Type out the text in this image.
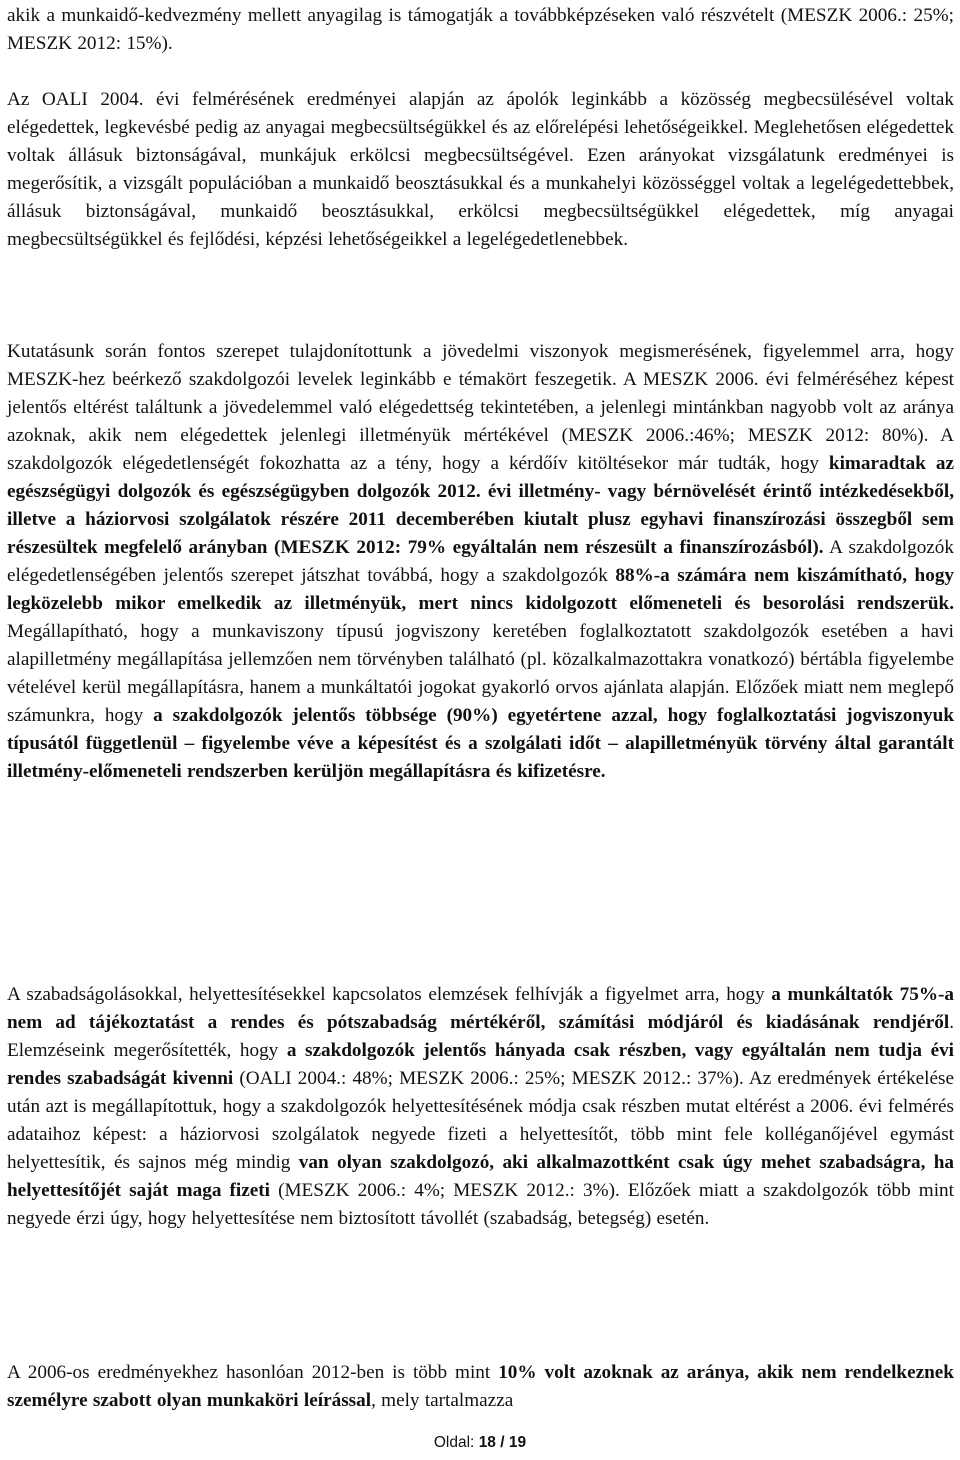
akik a munkaidő-kedvezmény mellett anyagilag is támogatják a továbbképzéseken való részvételt (MESZK 2006.: 25%; MESZK 2012: 15%).

Az OALI 2004. évi felmérésének eredményei alapján az ápolók leginkább a közösség megbecsülésével voltak elégedettek, legkevésbé pedig az anyagai megbecsültségükkel és az előrelépési lehetőségeikkel. Meglehetősen elégedettek voltak állásuk biztonságával, munkájuk erkölcsi megbecsültségével. Ezen arányokat vizsgálatunk eredményei is megerősítik, a vizsgált populációban a munkaidő beosztásukkal és a munkahelyi közösséggel voltak a legelégedettebbek, állásuk biztonságával, munkaidő beosztásukkal, erkölcsi megbecsültségükkel elégedettek, míg anyagai megbecsültségükkel és fejlődési, képzési lehetőségeikkel a legelégedetlenebbek.

Kutatásunk során fontos szerepet tulajdonítottunk a jövedelmi viszonyok megismerésének, figyelemmel arra, hogy MESZK-hez beérkező szakdolgozói levelek leginkább e témakört feszegetik. A MESZK 2006. évi felméréséhez képest jelentős eltérést találtunk a jövedelemmel való elégedettség tekintetében, a jelenlegi mintánkban nagyobb volt az aránya azoknak, akik nem elégedettek jelenlegi illetményük mértékével (MESZK 2006.:46%; MESZK 2012: 80%). A szakdolgozók elégedetlenségét fokozhatta az a tény, hogy a kérdőív kitöltésekor már tudták, hogy kimaradtak az egészségügyi dolgozók és egészségügyben dolgozók 2012. évi illetmény- vagy bérnövelését érintő intézkedésekből, illetve a háziorvosi szolgálatok részére 2011 decemberében kiutalt plusz egyhavi finanszírozási összegből sem részesültek megfelelő arányban (MESZK 2012: 79% egyáltalán nem részesült a finanszírozásból). A szakdolgozók elégedetlenségében jelentős szerepet játszhat továbbá, hogy a szakdolgozók 88%-a számára nem kiszámítható, hogy legközelebb mikor emelkedik az illetményük, mert nincs kidolgozott előmeneteli és besorolási rendszerük. Megállapítható, hogy a munkaviszony típusú jogviszony keretében foglalkoztatott szakdolgozók esetében a havi alapilletmény megállapítása jellemzően nem törvényben található (pl. közalkalmazottakra vonatkozó) bértábla figyelembe vételével kerül megállapításra, hanem a munkáltatói jogokat gyakorló orvos ajánlata alapján. Előzőek miatt nem meglepő számunkra, hogy a szakdolgozók jelentős többsége (90%) egyetértene azzal, hogy foglalkoztatási jogviszonyuk típusától függetlenül – figyelembe véve a képesítést és a szolgálati időt – alapilletményük törvény által garantált illetmény-előmeneteli rendszerben kerüljön megállapításra és kifizetésre.

A szabadságolásokkal, helyettesítésekkel kapcsolatos elemzések felhívják a figyelmet arra, hogy a munkáltatók 75%-a nem ad tájékoztatást a rendes és pótszabadság mértékéről, számítási módjáról és kiadásának rendjéről. Elemzéseink megerősítették, hogy a szakdolgozók jelentős hányada csak részben, vagy egyáltalán nem tudja évi rendes szabadságát kivenni (OALI 2004.: 48%; MESZK 2006.: 25%; MESZK 2012.: 37%). Az eredmények értékelése után azt is megállapítottuk, hogy a szakdolgozók helyettesítésének módja csak részben mutat eltérést a 2006. évi felmérés adataihoz képest: a háziorvosi szolgálatok negyede fizeti a helyettesítőt, több mint fele kolléganőjével egymást helyettesítik, és sajnos még mindig van olyan szakdolgozó, aki alkalmazottként csak úgy mehet szabadságra, ha helyettesítőjét saját maga fizeti (MESZK 2006.: 4%; MESZK 2012.: 3%). Előzőek miatt a szakdolgozók több mint negyede érzi úgy, hogy helyettesítése nem biztosított távollét (szabadság, betegség) esetén.

A 2006-os eredményekhez hasonlóan 2012-ben is több mint 10% volt azoknak az aránya, akik nem rendelkeznek személyre szabott olyan munkaköri leírással, mely tartalmazza

Oldal: 18 / 19
